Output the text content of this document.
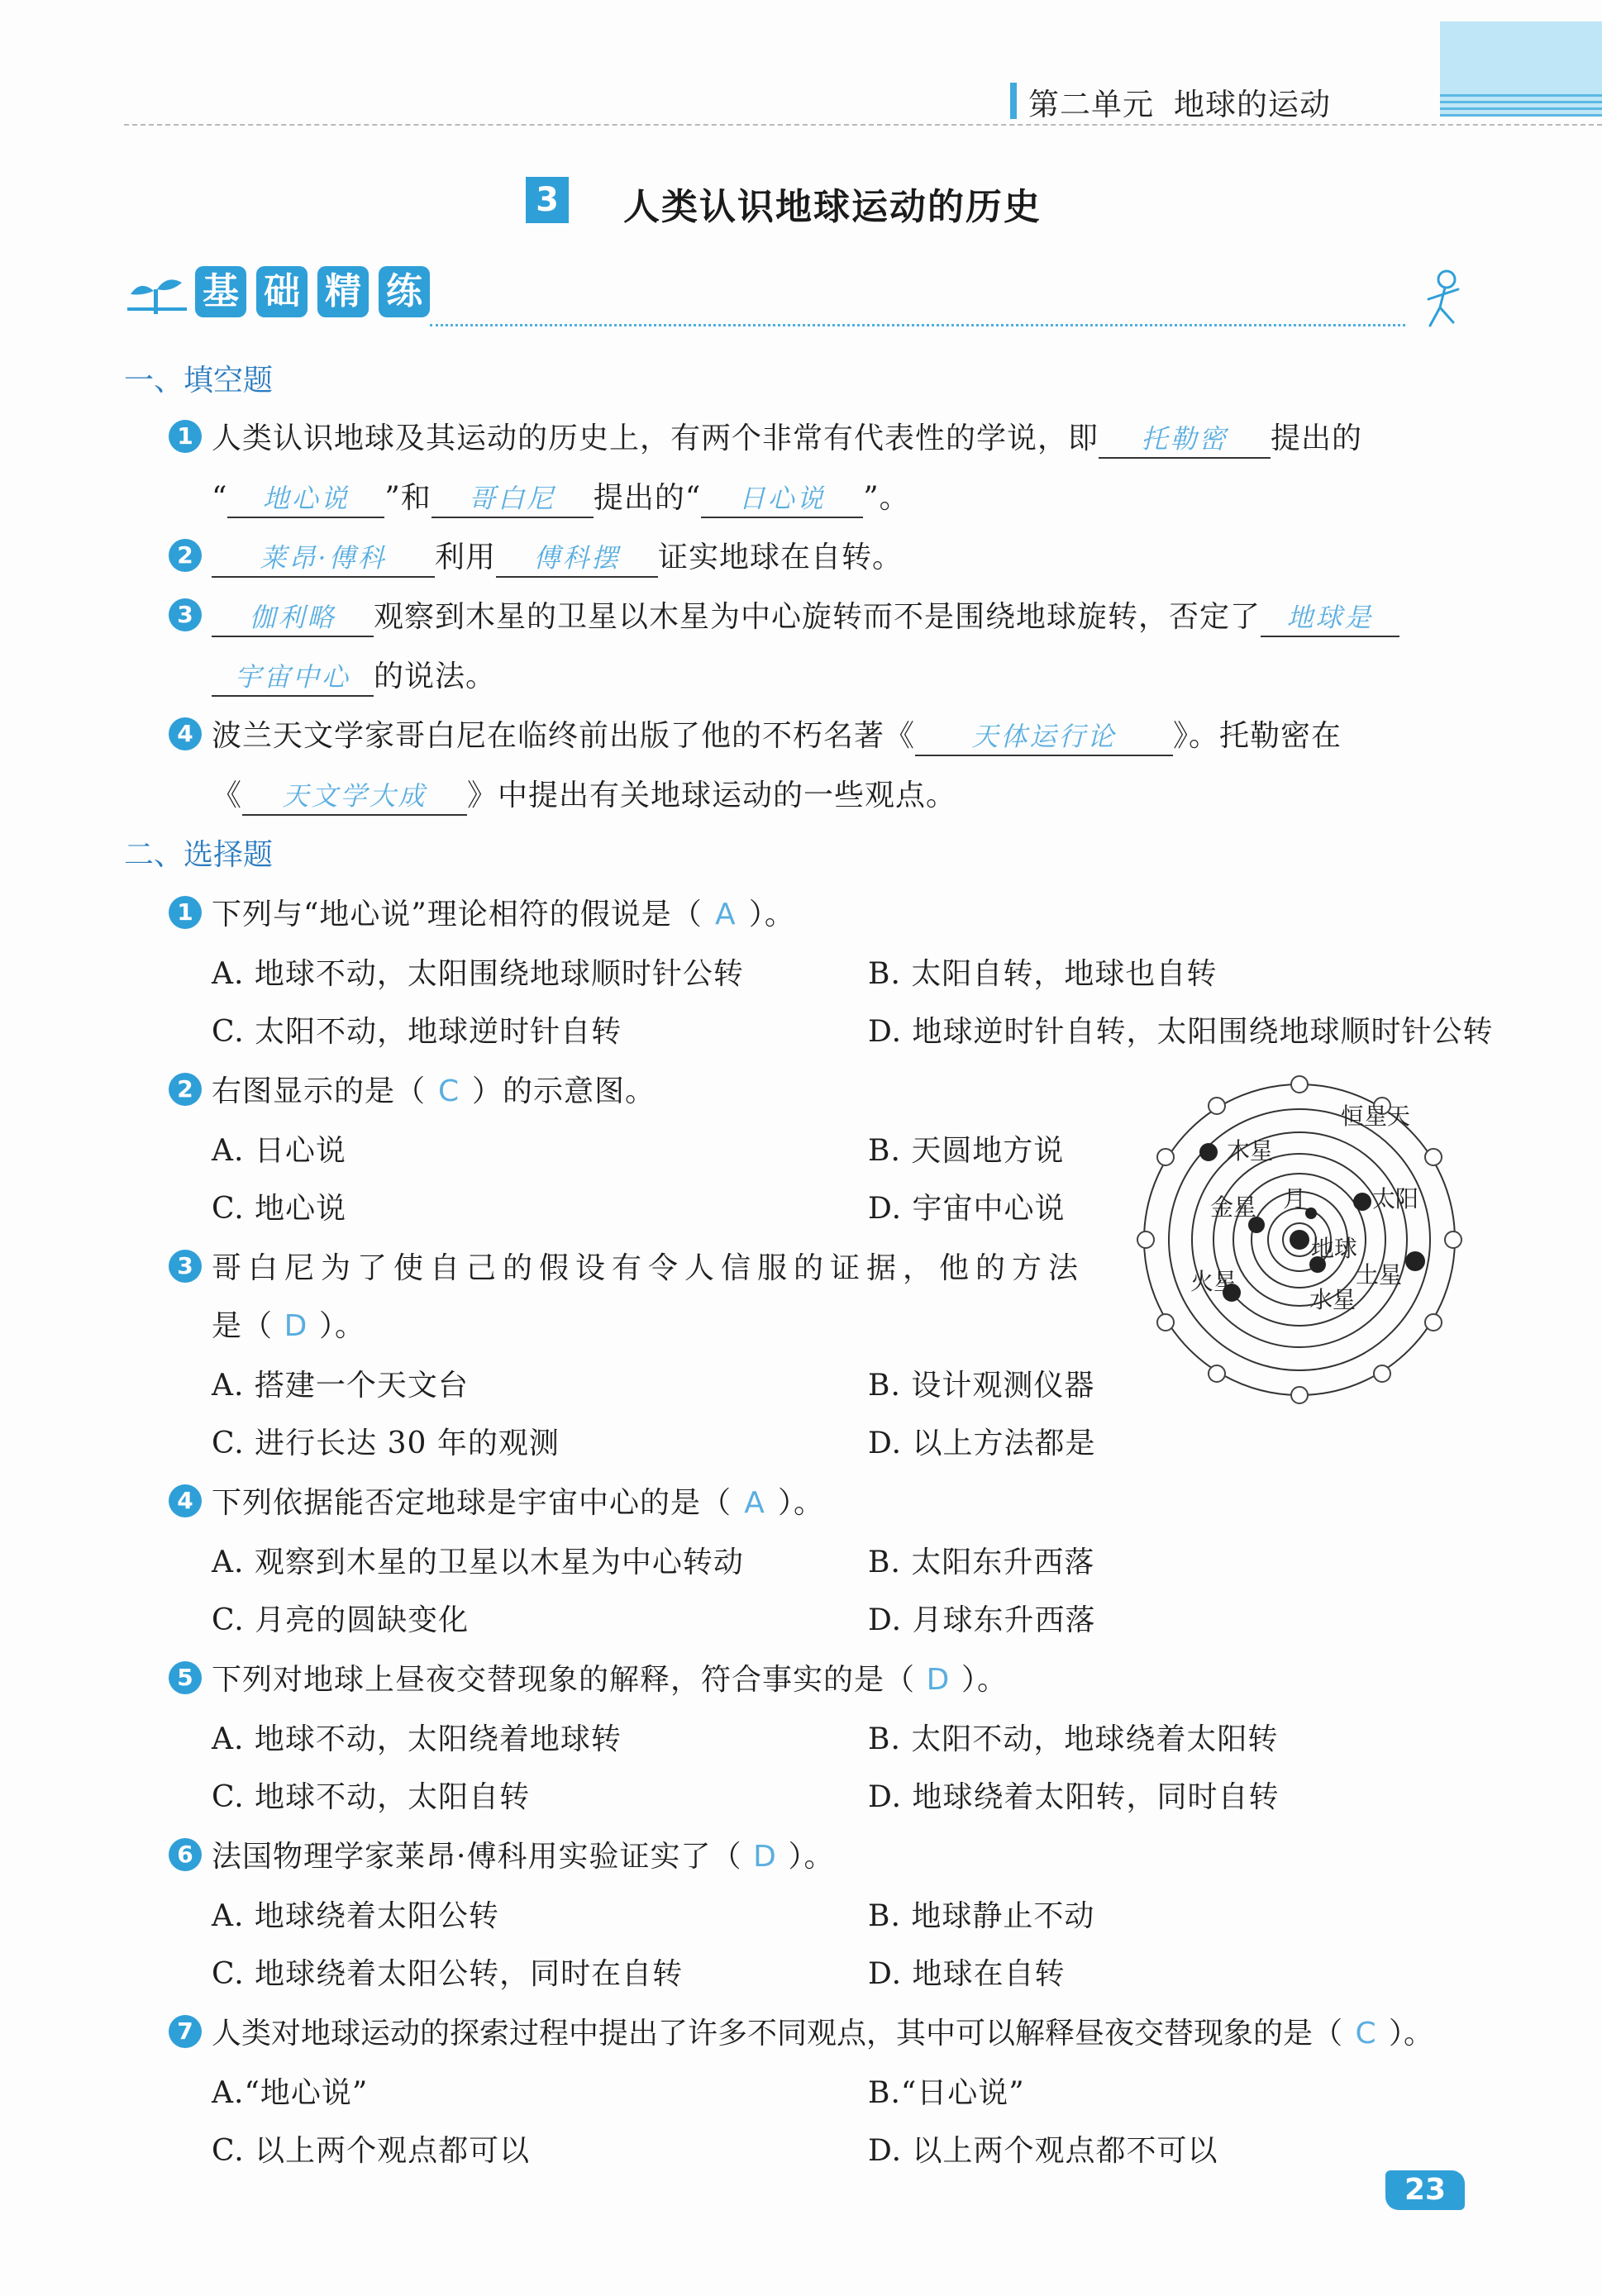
第二单元 地球的运动
3 人类认识地球运动的历史
基 础 精 练
一、填空题
1 人类认识地球及其运动的历史上，有两个非常有代表性的学说，即 托勒密 提出的
“ 地心说 ”和 哥白尼 提出的“ 日心说 ”。
2	莱昂·傅科 利用 傅科摆 证实地球在自转。
3	伽利略 观察到木星的卫星以木星为中心旋转而不是围绕地球旋转，否定了 地球是
宇宙中心 的说法。
4 波兰天文学家哥白尼在临终前出版了他的不朽名著《 天体运行论 》。托勒密在
《 天文学大成 》中提出有关地球运动的一些观点。
二、选择题
1 下列与“地心说”理论相符的假说是（ A ）。
A. 地球不动，太阳围绕地球顺时针公转	B. 太阳自转，地球也自转
C. 太阳不动，地球逆时针自转	D. 地球逆时针自转，太阳围绕地球顺时针公转
2 右图显示的是（ C ）的示意图。
A. 日心说	B. 天圆地方说
C. 地心说	D. 宇宙中心说
木星
恒星天
金星 月	太阳
地球
土星
火星
水星
3 哥白尼为了使自己的假设有令人信服的证据，他的方法
是（ D ）。
A. 搭建一个天文台	B. 设计观测仪器
C. 进行长达 30 年的观测	D. 以上方法都是
4 下列依据能否定地球是宇宙中心的是（ A ）。
A. 观察到木星的卫星以木星为中心转动	B. 太阳东升西落
C. 月亮的圆缺变化	D. 月球东升西落
5 下列对地球上昼夜交替现象的解释，符合事实的是（ D ）。
A. 地球不动，太阳绕着地球转	B. 太阳不动，地球绕着太阳转
C. 地球不动，太阳自转	D. 地球绕着太阳转，同时自转
6 法国物理学家莱昂·傅科用实验证实了（ D ）。
A. 地球绕着太阳公转	B. 地球静止不动
C. 地球绕着太阳公转，同时在自转	D. 地球在自转
7 人类对地球运动的探索过程中提出了许多不同观点，其中可以解释昼夜交替现象的是（ C ）。
A.“地心说”	B.“日心说”
C. 以上两个观点都可以	D. 以上两个观点都不可以
23
